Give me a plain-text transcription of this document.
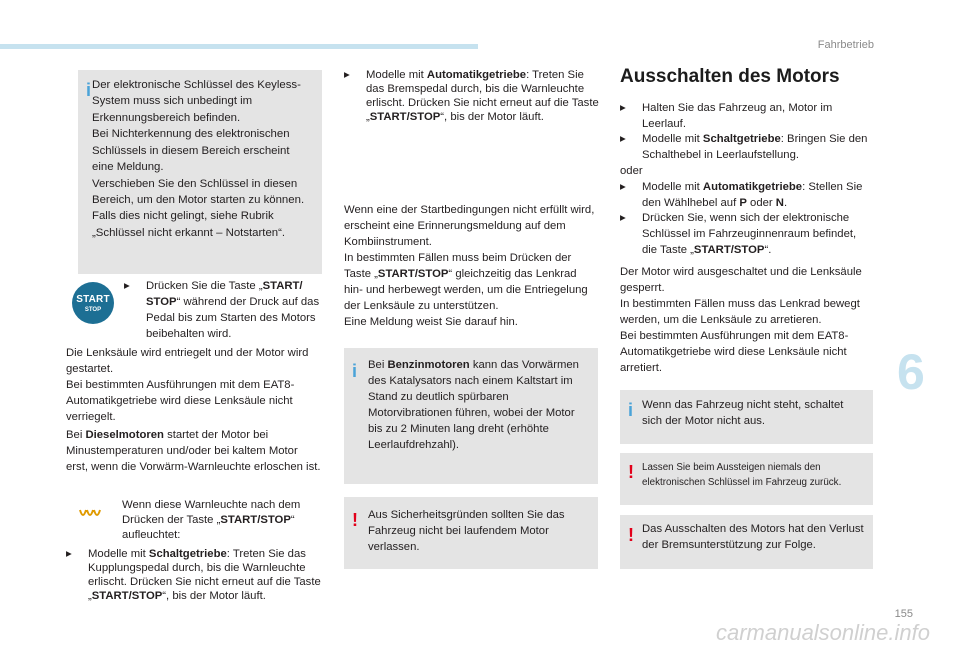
Fahrbetrieb
i Der elektronische Schlüssel des Keyless-System muss sich unbedingt im Erkennungsbereich befinden.
Bei Nichterkennung des elektronischen Schlüssels in diesem Bereich erscheint eine Meldung.
Verschieben Sie den Schlüssel in diesen Bereich, um den Motor starten zu können.
Falls dies nicht gelingt, siehe Rubrik „Schlüssel nicht erkannt – Notstarten“.
START
STOP
▸ Drücken Sie die Taste „START/ STOP“ während der Druck auf das Pedal bis zum Starten des Motors beibehalten wird.
Die Lenksäule wird entriegelt und der Motor wird gestartet.
Bei bestimmten Ausführungen mit dem EAT8-Automatikgetriebe wird diese Lenksäule nicht verriegelt.
Bei Dieselmotoren startet der Motor bei Minustemperaturen und/oder bei kaltem Motor erst, wenn die Vorwärm-Warnleuchte erloschen ist.
Wenn diese Warnleuchte nach dem Drücken der Taste „START/STOP“ aufleuchtet:
▸ Modelle mit Schaltgetriebe: Treten Sie das Kupplungspedal durch, bis die Warnleuchte erlischt. Drücken Sie nicht erneut auf die Taste „START/STOP“, bis der Motor läuft.
▸ Modelle mit Automatikgetriebe: Treten Sie das Bremspedal durch, bis die Warnleuchte erlischt. Drücken Sie nicht erneut auf die Taste „START/STOP“, bis der Motor läuft.
Wenn eine der Startbedingungen nicht erfüllt wird, erscheint eine Erinnerungsmeldung auf dem Kombiinstrument.
In bestimmten Fällen muss beim Drücken der Taste „START/STOP“ gleichzeitig das Lenkrad hin- und herbewegt werden, um die Entriegelung der Lenksäule zu unterstützen.
Eine Meldung weist Sie darauf hin.
i Bei Benzinmotoren kann das Vorwärmen des Katalysators nach einem Kaltstart im Stand zu deutlich spürbaren Motorvibrationen führen, wobei der Motor bis zu 2 Minuten lang dreht (erhöhte Leerlaufdrehzahl).
! Aus Sicherheitsgründen sollten Sie das Fahrzeug nicht bei laufendem Motor verlassen.
Ausschalten des Motors
▸ Halten Sie das Fahrzeug an, Motor im Leerlauf.
▸ Modelle mit Schaltgetriebe: Bringen Sie den Schalthebel in Leerlaufstellung.
oder
▸ Modelle mit Automatikgetriebe: Stellen Sie den Wählhebel auf P oder N.
▸ Drücken Sie, wenn sich der elektronische Schlüssel im Fahrzeuginnenraum befindet, die Taste „START/STOP“.
Der Motor wird ausgeschaltet und die Lenksäule gesperrt.
In bestimmten Fällen muss das Lenkrad bewegt werden, um die Lenksäule zu arretieren.
Bei bestimmten Ausführungen mit dem EAT8-Automatikgetriebe wird diese Lenksäule nicht arretiert.
i Wenn das Fahrzeug nicht steht, schaltet sich der Motor nicht aus.
! Lassen Sie beim Aussteigen niemals den elektronischen Schlüssel im Fahrzeug zurück.
! Das Ausschalten des Motors hat den Verlust der Bremsunterstützung zur Folge.
6
155
carmanualsonline.info
